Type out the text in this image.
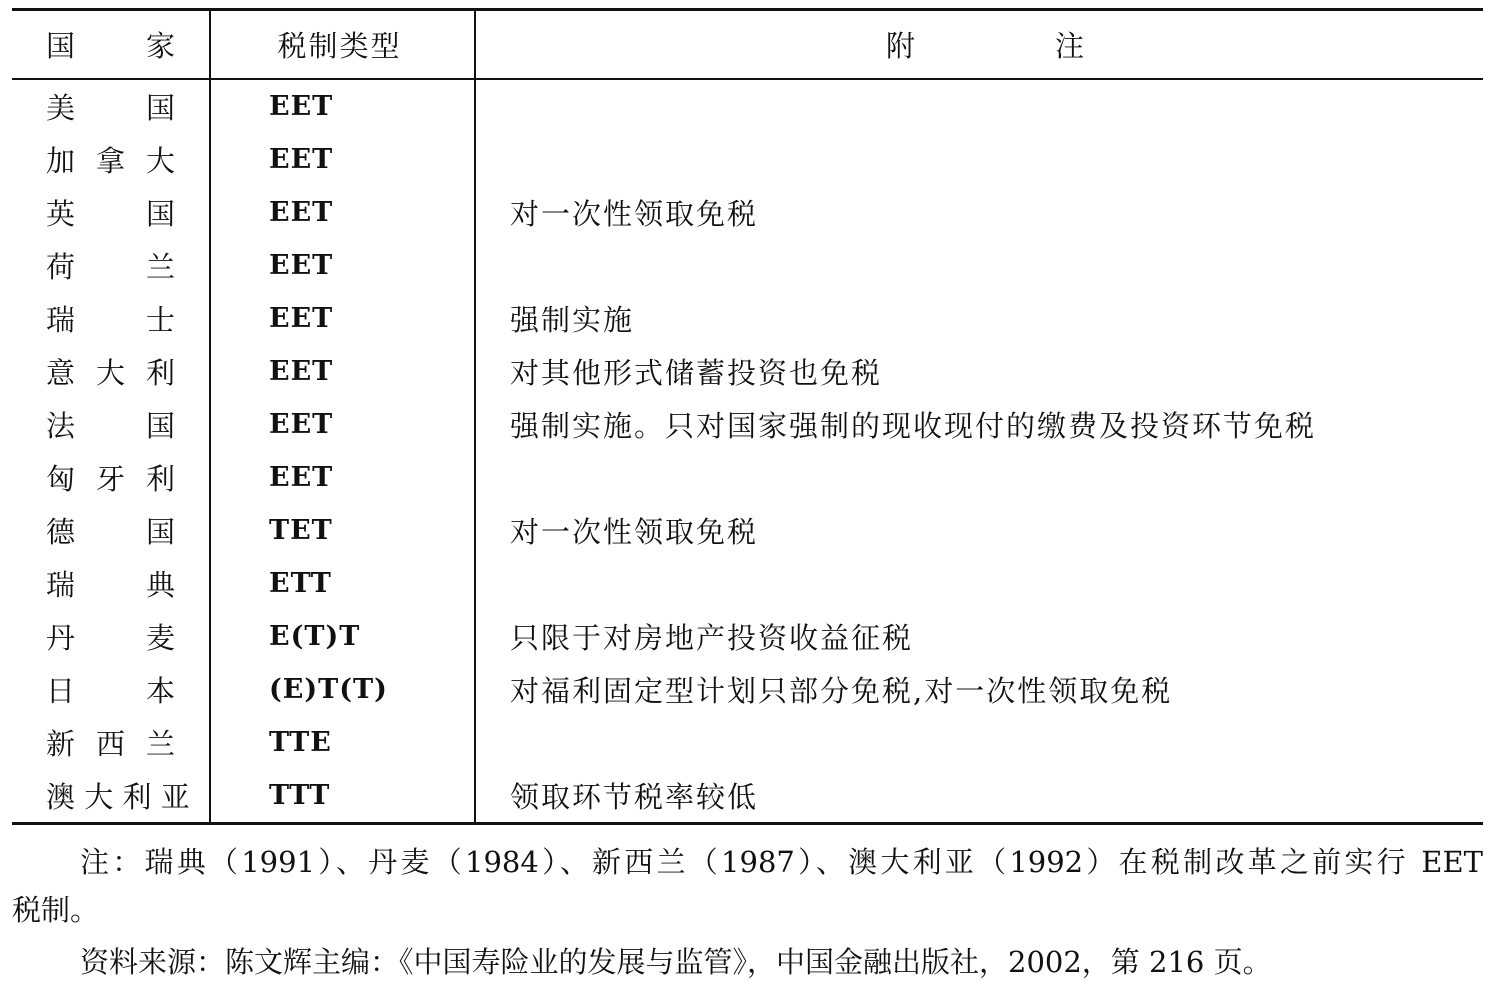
国 家	税制类型	附 注
美 国	EET	
加 拿 大	EET	
英 国	EET	对一次性领取免税
荷 兰	EET	
瑞 士	EET	强制实施
意 大 利	EET	对其他形式储蓄投资也免税
法 国	EET	强制实施。只对国家强制的现收现付的缴费及投资环节免税
匈 牙 利	EET	
德 国	TET	对一次性领取免税
瑞 典	ETT	
丹 麦	E(T)T	只限于对房地产投资收益征税
日 本	(E)T(T)	对福利固定型计划只部分免税,对一次性领取免税
新 西 兰	TTE	
澳 大 利 亚	TTT	领取环节税率较低

注：瑞典（1991）、丹麦（1984）、新西兰（1987）、澳大利亚（1992）在税制改革之前实行 EET

税制。

资料来源：陈文辉主编：《中国寿险业的发展与监管》，中国金融出版社，2002，第 216 页。
